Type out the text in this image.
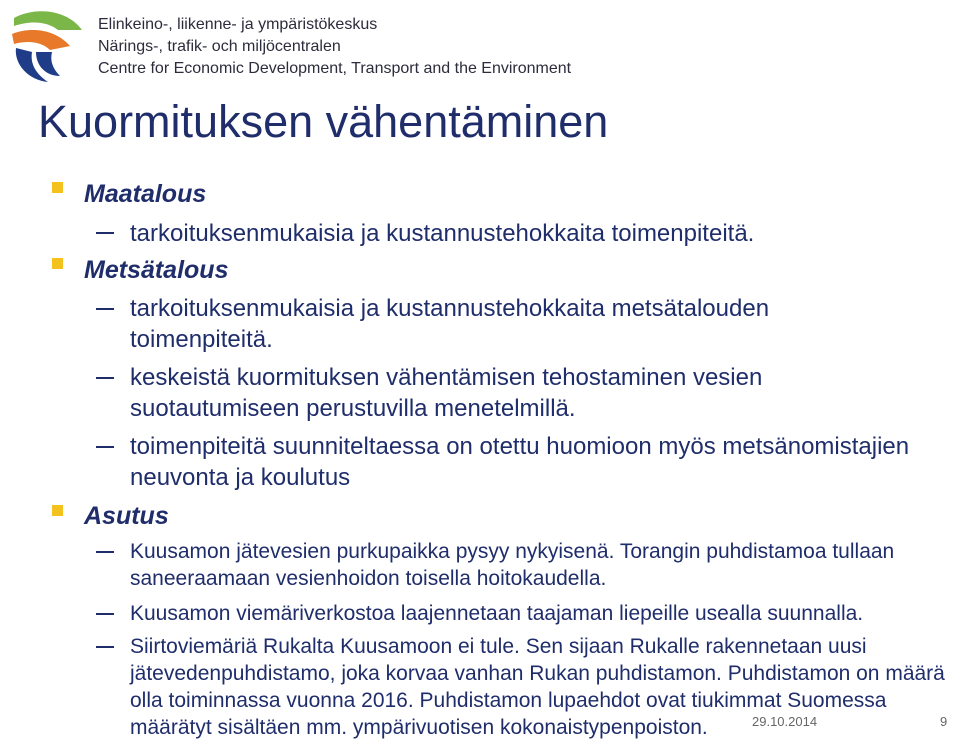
Elinkeino-, liikenne- ja ympäristökeskus
Närings-, trafik- och miljöcentralen
Centre for Economic Development, Transport and the Environment
Kuormituksen vähentäminen
Maatalous
tarkoituksenmukaisia ja kustannustehokkaita toimenpiteitä.
Metsätalous
tarkoituksenmukaisia ja kustannustehokkaita metsätalouden toimenpiteitä.
keskeistä kuormituksen vähentämisen tehostaminen vesien suotautumiseen perustuvilla menetelmillä.
toimenpiteitä suunniteltaessa on otettu huomioon myös metsänomistajien neuvonta ja koulutus
Asutus
Kuusamon jätevesien purkupaikka pysyy nykyisenä. Torangin puhdistamoa tullaan saneeraamaan vesienhoidon toisella hoitokaudella.
Kuusamon viemäriverkostoa laajennetaan taajaman liepeille usealla suunnalla.
Siirtoviemäriä Rukalta Kuusamoon ei tule. Sen sijaan Rukalle rakennetaan uusi jätevedenpuhdistamo, joka korvaa vanhan Rukan puhdistamon. Puhdistamon on määrä olla toiminnassa vuonna 2016. Puhdistamon lupaehdot ovat tiukimmat Suomessa määrätyt sisältäen mm. ympärivuotisen kokonaistypenpoiston.	29.10.2014	9
